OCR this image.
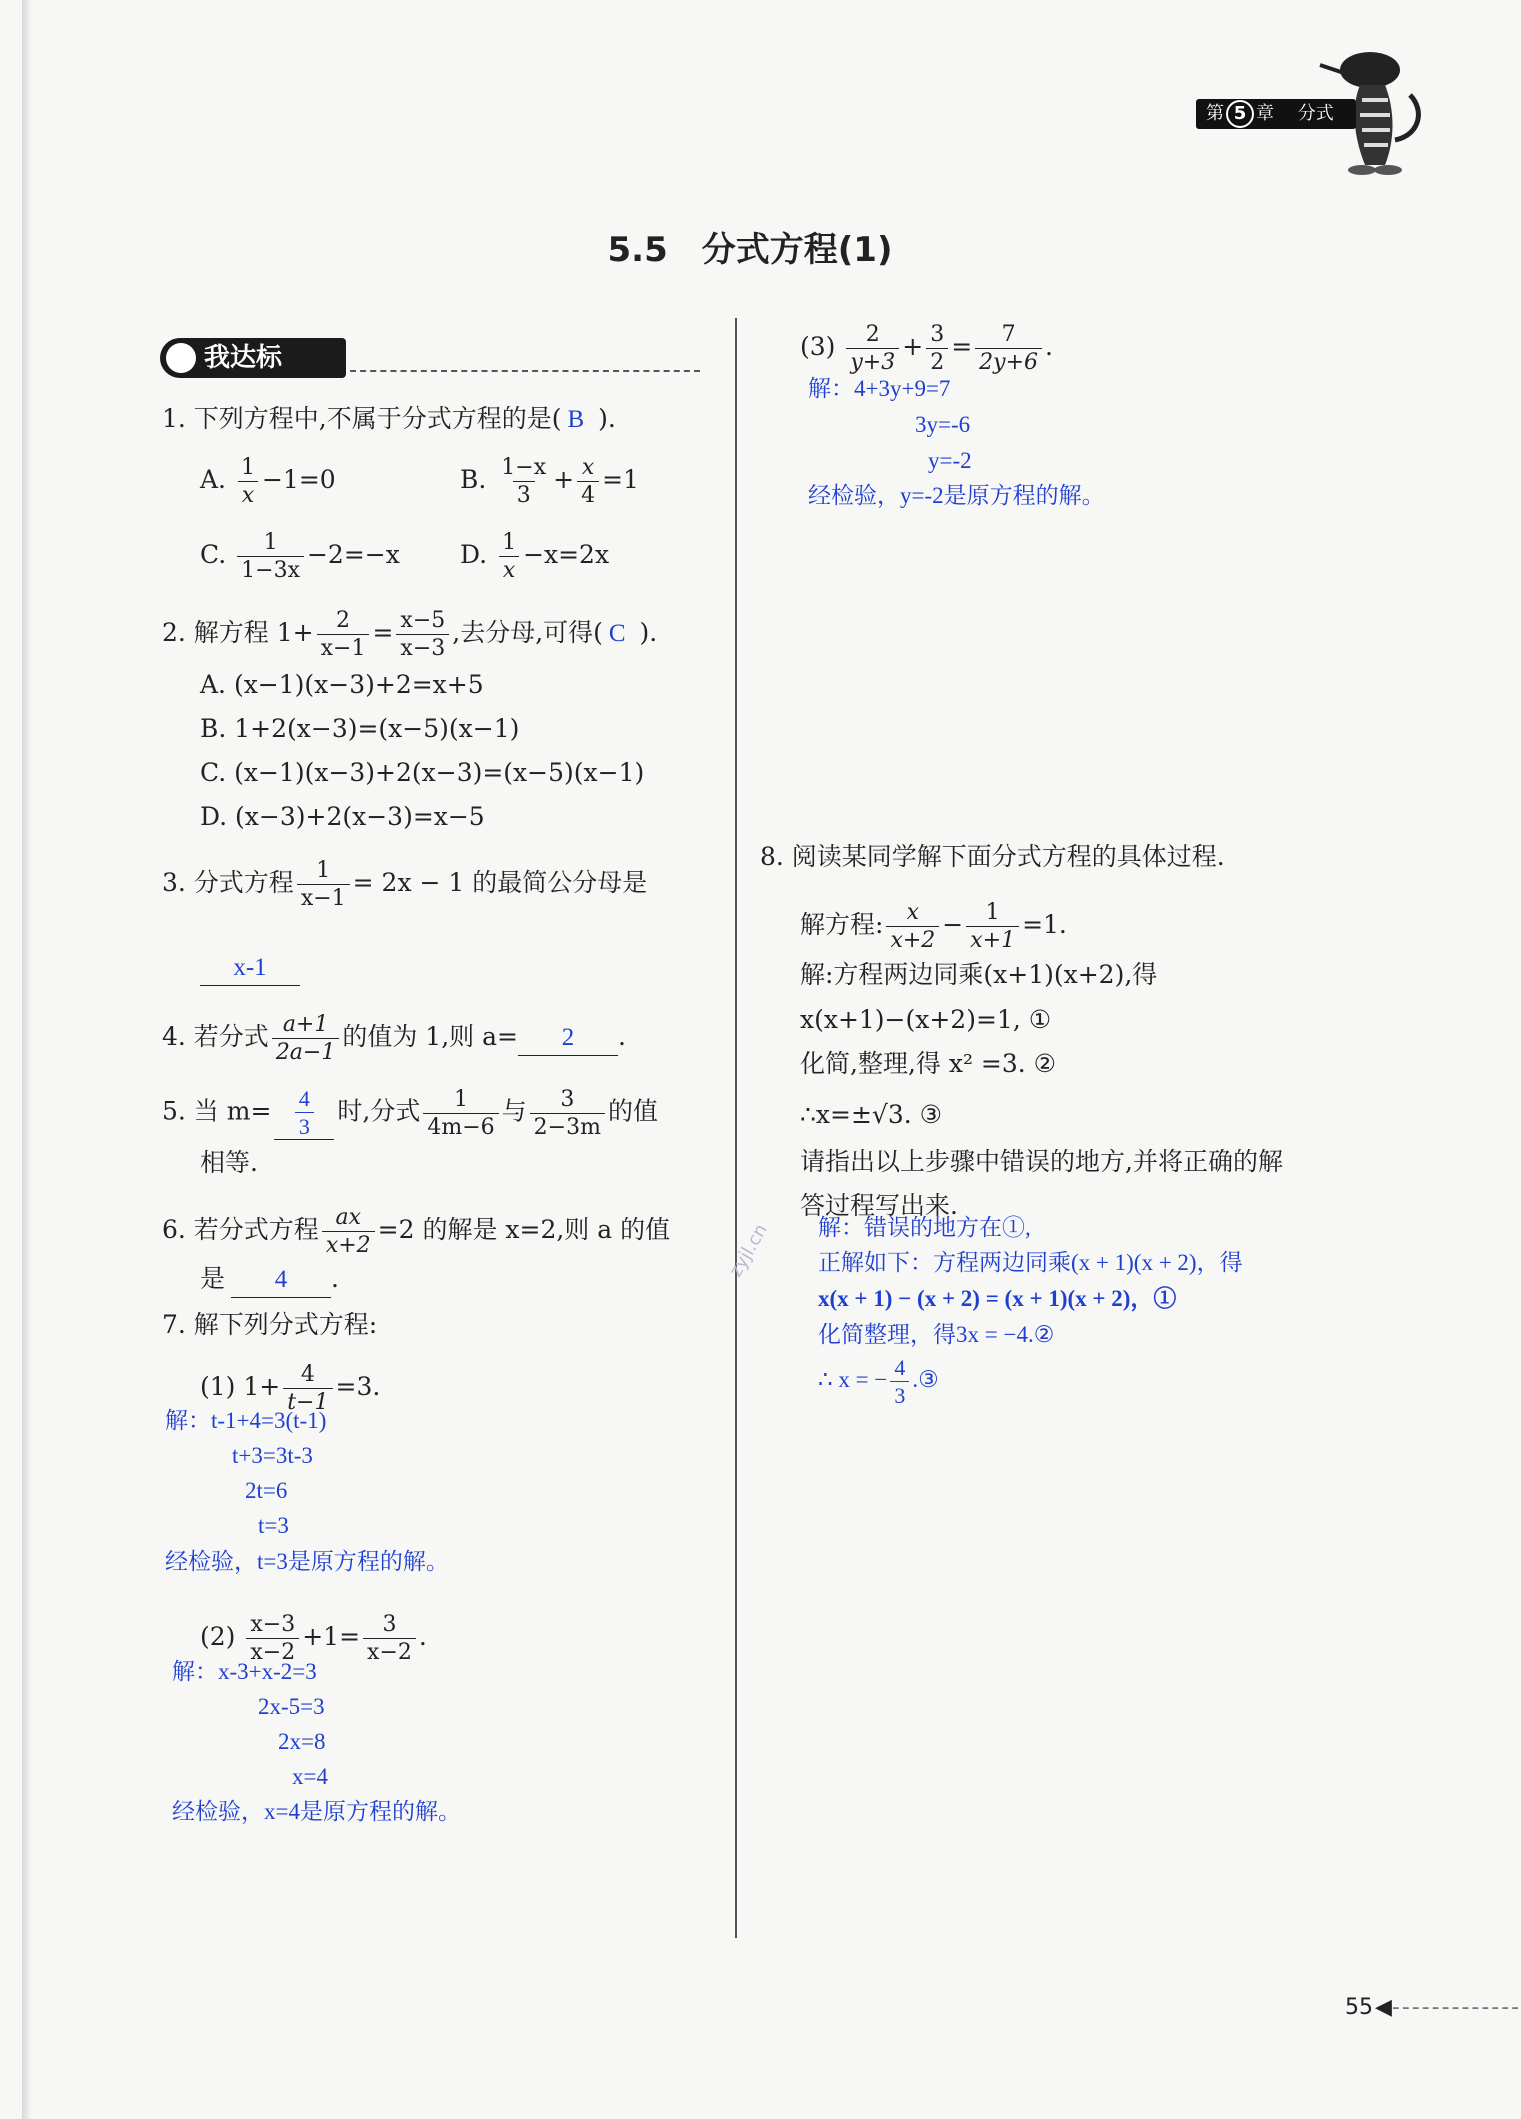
第 5 章 分式
5.5　分式方程(1)
我达标
1. 下列方程中,不属于分式方程的是( B ).
A. $\frac{1}{x} -1=0$	B. $\frac{1-x}{3} + \frac{x}{4} =1$
C. $\frac{1}{1-3x} -2=-x$ D. $\frac{1}{x} -x=2x$
2. 解方程 $1+ \frac{2}{x-1} = \frac{x-5}{x-3}$ ,去分母,可得( C ).
A. (x−1)(x−3)+2=x+5
B. 1+2(x−3)=(x−5)(x−1)
C. (x−1)(x−3)+2(x−3)=(x−5)(x−1)
D. (x−3)+2(x−3)=x−5
3. 分式方程 $\frac{1}{x-1} = 2x - 1$ 的最简公分母是
x-1
4. 若分式 $\frac{a+1}{2a-1}$ 的值为 1,则 a= 2 .
5. 当 $m= \frac{4}{3}$ 时,分式 $\frac{1}{4m-6}$ 与 $\frac{3}{2-3m}$ 的值
相等.
6. 若分式方程 $\frac{ax}{x+2} =2$ 的解是 x=2,则 a 的值
是 4 .
7. 解下列分式方程:
(1) $1+ \frac{4}{t-1} =3$.
解：t-1+4=3(t-1)
t+3=3t-3
2t=6
t=3
经检验，t=3是原方程的解。
$(2) \frac{x-3}{x-2} +1= \frac{3}{x-2}$ .
解：x-3+x-2=3
2x-5=3
2x=8
x=4
经检验，x=4是原方程的解。
$(3) \frac{2}{y+3} + \frac{3}{2} = \frac{7}{2y+6}$ .
解：4+3y+9=7
3y=-6
y=-2
经检验，y=-2是原方程的解。
8. 阅读某同学解下面分式方程的具体过程.
解方程: $\frac{x}{x+2} - \frac{1}{x+1} =1$.
解:方程两边同乘(x+1)(x+2),得
x(x+1)−(x+2)=1, ①
化简,整理,得 x² =3. ②
∴x=±√3. ③
请指出以上步骤中错误的地方,并将正确的解
答过程写出来.
解：错误的地方在①,
正解如下：方程两边同乘(x + 1)(x + 2)，得
x(x + 1) − (x + 2) = (x + 1)(x + 2)，①
化简整理，得3x = −4.②
∴ x = − $\frac{4}{3}$ .③
zyjl.cn
55◀‐‐‐‐‐‐‐‐‐‐‐‐‐
